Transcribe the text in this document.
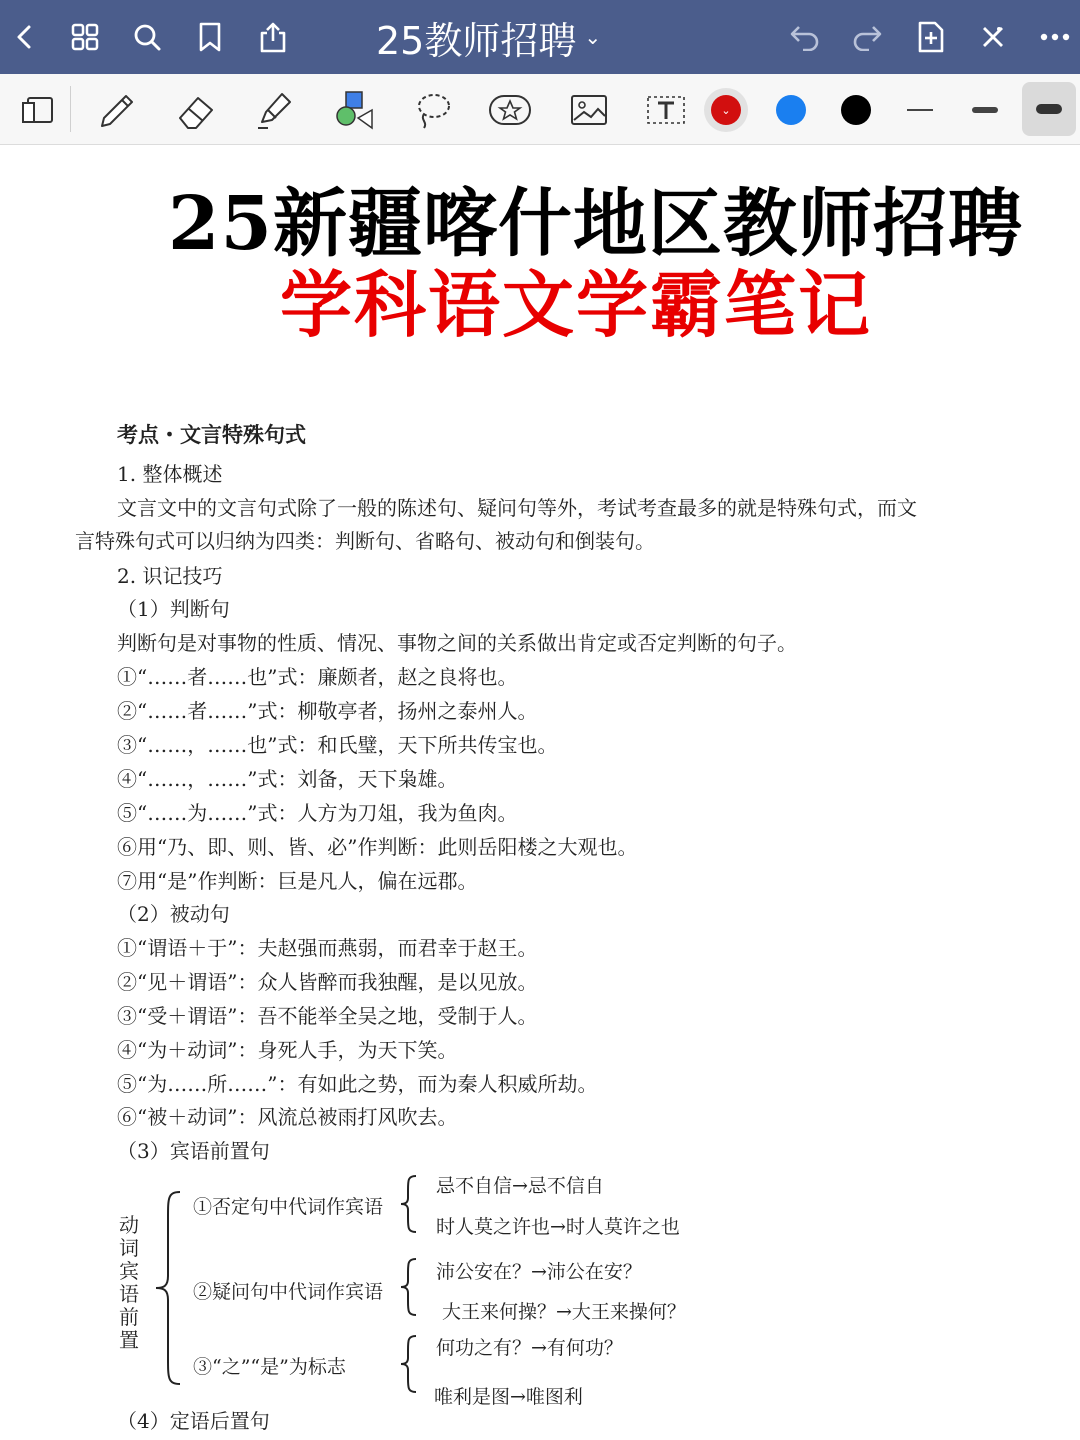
25教师招聘 ⌄
⌄
25新疆喀什地区教师招聘
学科语文学霸笔记
考点・文言特殊句式
1. 整体概述
文言文中的文言句式除了一般的陈述句、疑问句等外，考试考查最多的就是特殊句式，而文
言特殊句式可以归纳为四类：判断句、省略句、被动句和倒装句。
2. 识记技巧
（1）判断句
判断句是对事物的性质、情况、事物之间的关系做出肯定或否定判断的句子。
①“……者……也”式：廉颇者，赵之良将也。
②“……者……”式：柳敬亭者，扬州之泰州人。
③“……，……也”式：和氏璧，天下所共传宝也。
④“……，……”式：刘备，天下枭雄。
⑤“……为……”式：人方为刀俎，我为鱼肉。
⑥用“乃、即、则、皆、必”作判断：此则岳阳楼之大观也。
⑦用“是”作判断：巨是凡人，偏在远郡。
（2）被动句
①“谓语＋于”：夫赵强而燕弱，而君幸于赵王。
②“见＋谓语”：众人皆醉而我独醒，是以见放。
③“受＋谓语”：吾不能举全吴之地，受制于人。
④“为＋动词”：身死人手，为天下笑。
⑤“为……所……”：有如此之势，而为秦人积威所劫。
⑥“被＋动词”：风流总被雨打风吹去。
（3）宾语前置句
动词宾语前置
①否定句中代词作宾语
忌不自信→忌不信自
时人莫之许也→时人莫许之也
②疑问句中代词作宾语
沛公安在？→沛公在安？
大王来何操？→大王来操何？
③“之”“是”为标志
何功之有？→有何功？
唯利是图→唯图利
（4）定语后置句
